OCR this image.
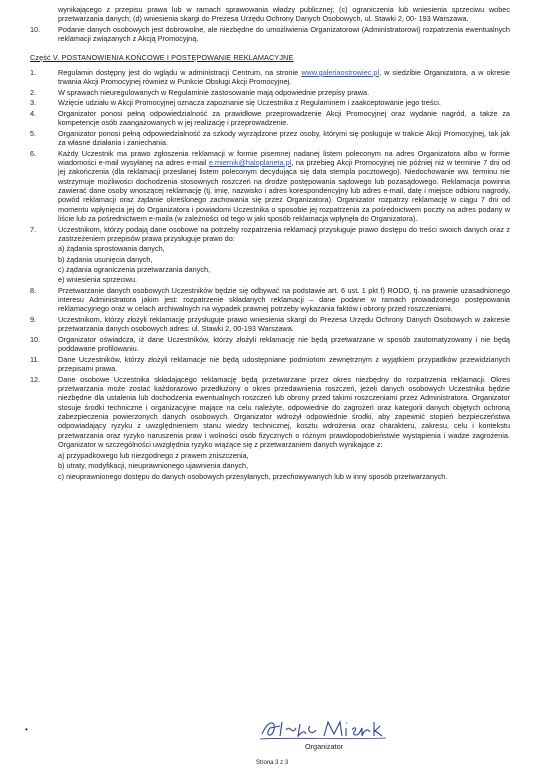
wynikającego z przepisu prawa lub w ramach sprawowania władzy publicznej; (c) ograniczenia lub wniesienia sprzeciwu wobec przetwarzania danych; (d) wniesienia skargi do Prezesa Urzędu Ochrony Danych Osobowych, ul. Stawki 2, 00- 193 Warszawa.
10.	Podanie danych osobowych jest dobrowolne, ale niezbędne do umożliwienia Organizatorowi (Administratorowi) rozpatrzenia ewentualnych reklamacji związanych z Akcją Promocyjną.
Część V. POSTANOWIENIA KOŃCOWE I POSTĘPOWANIE REKLAMACYJNE
1.	Regulamin dostępny jest do wglądu w administracji Centrum, na stronie www.galeriaostrowiec.pl, w siedzibie Organizatora, a w okresie trwania Akcji Promocyjnej również w Punkcie Obsługi Akcji Promocyjnej.
2.	W sprawach nieuregulowanych w Regulaminie zastosowanie mają odpowiednie przepisy prawa.
3.	Wzięcie udziału w Akcji Promocyjnej oznacza zapoznanie się Uczestnika z Regulaminem i zaakceptowanie jego treści.
4.	Organizator ponosi pełną odpowiedzialność za prawidłowe przeprowadzenie Akcji Promocyjnej oraz wydanie nagród, a także za kompetencje osób zaangażowanych w jej realizację i przeprowadzenie.
5.	Organizator ponosi pełną odpowiedzialność za szkody wyrządzone przez osoby, którymi się posługuje w trakcie Akcji Promocyjnej, tak jak za własne działania i zaniechania.
6.	Każdy Uczestnik ma prawo zgłoszenia reklamacji w formie pisemnej nadanej listem poleconym na adres Organizatora albo w formie wiadomości e-mail wysyłanej na adres e-mail e.miernik@haloplaneta.pl, na przebieg Akcji Promocyjnej nie później niż w terminie 7 dni od jej zakończenia (dla reklamacji przesłanej listem poleconym decydująca się data stempla pocztowego). Niedochowanie ww. terminu nie wstrzymuje możliwości dochodzenia stosownych roszczeń na drodze postępowania sądowego lub pozasądowego. Reklamacja powinna zawierać dane osoby wnoszącej reklamację (tj. imię, nazwisko i adres korespondencyjny lub adres e-mail, datę i miejsce odbioru nagrody, powód reklamacji oraz żądanie określonego zachowania się przez Organizatora). Organizator rozpatrzy reklamację w ciągu 7 dni od momentu wpłynięcia jej do Organizatora i powiadomi Uczestnika o sposobie jej rozpatrzenia za pośrednictwem poczty na adres podany w liście lub za pośrednictwem e-maila (w zależności od tego w jaki sposób reklamacja wpłynęła do Organizatora).
7.	Uczestnikom, którzy podają dane osobowe na potrzeby rozpatrzenia reklamacji przysługuje prawo dostępu do treści swoich danych oraz z zastrzeżeniem przepisów prawa przysługuje prawo do:
a) żądania sprostowania danych,
b) żądania usunięcia danych,
c) żądania ograniczenia przetwarzania danych,
e) wniesienia sprzeciwu.
8.	Przetwarzanie danych osobowych Uczestników będzie się odbywać na podstawie art. 6 ust. 1 pkt f) RODO, tj. na prawnie uzasadnionego interesu Administratora jakim jest: rozpatrzenie składanych reklamacji – dane podane w ramach prowadzonego postępowania reklamacyjnego oraz w celach archiwalnych na wypadek prawnej potrzeby wykazania faktów i obrony przed roszczeniami.
9.	Uczestnikom, którzy złożyli reklamację przysługuje prawo wniesienia skargi do Prezesa Urzędu Ochrony Danych Osobowych w zakresie przetwarzania danych osobowych adres: ul. Stawki 2, 00-193 Warszawa.
10.	Organizator oświadcza, iż dane Uczestników, którzy złożyli reklamację nie będą przetwarzane w sposób zautomatyzowany i nie będą poddawane profilowaniu.
11.	Dane Uczestników, którzy złożyli reklamacje nie będą udostępniane podmiotom zewnętrznym z wyjątkiem przypadków przewidzianych przepisami prawa.
12.	Dane osobowe Uczestnika składającego reklamację będą przetwarzane przez okres niezbędny do rozpatrzenia reklamacji. Okres przetwarzania może zostać każdorazowo przedłużony o okres przedawnienia roszczeń, jeżeli danych osobowych Uczestnika będzie niezbędne dla ustalenia lub dochodzenia ewentualnych roszczeń lub obrony przed takimi roszczeniami przez Administratora. Organizator stosuje środki techniczne i organizacyjne mające na celu należyte, odpowiednie do zagrożeń oraz kategorii danych objętych ochroną zabezpieczenia powierzonych danych osobowych. Organizator wdrożył odpowiednie środki, aby zapewnić stopień bezpieczeństwa odpowiadający ryzyku z uwzględnieniem stanu wiedzy technicznej, kosztu wdrożenia oraz charakteru, zakresu, celu i kontekstu przetwarzania oraz ryzyko naruszenia praw i wolności osób fizycznych o różnym prawdopodobieństwie wystąpienia i wadze zagrożenia. Organizator w szczególności uwzględnia ryzyko wiążące się z przetwarzaniem danych wynikające z:
a) przypadkowego lub niezgodnego z prawem zniszczenia,
b) utraty, modyfikacji, nieuprawnionego ujawnienia danych,
c) nieuprawnionego dostępu do danych osobowych przesyłanych, przechowywanych lub w inny sposób przetwarzanych.
Organizator
•
Strona 3 z 3
